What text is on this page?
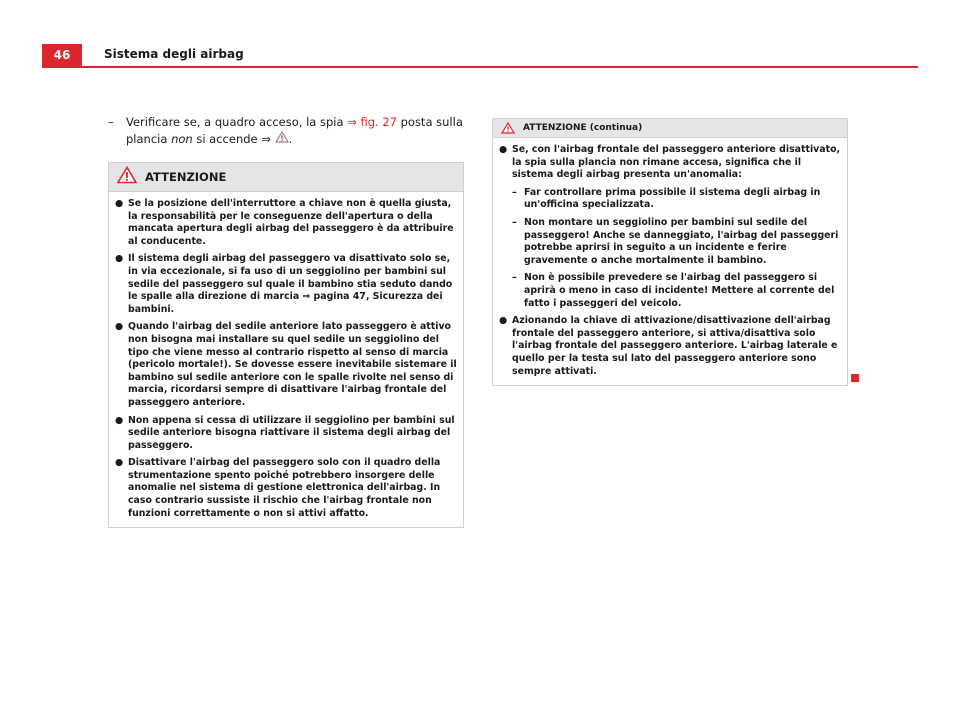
46	Sistema degli airbag
–	Verificare se, a quadro acceso, la spia ⇒ fig. 27 posta sulla plancia non si accende ⇒ .
ATTENZIONE
● Se la posizione dell'interruttore a chiave non è quella giusta, la responsabilità per le conseguenze dell'apertura o della mancata apertura degli airbag del passeggero è da attribuire al conducente.
● Il sistema degli airbag del passeggero va disattivato solo se, in via eccezionale, si fa uso di un seggiolino per bambini sul sedile del passeggero sul quale il bambino stia seduto dando le spalle alla direzione di marcia ⇒ pagina 47, Sicurezza dei bambini.
● Quando l'airbag del sedile anteriore lato passeggero è attivo non bisogna mai installare su quel sedile un seggiolino del tipo che viene messo al contrario rispetto al senso di marcia (pericolo mortale!). Se dovesse essere inevitabile sistemare il bambino sul sedile anteriore con le spalle rivolte nel senso di marcia, ricordarsi sempre di disattivare l'airbag frontale del passeggero anteriore.
● Non appena si cessa di utilizzare il seggiolino per bambini sul sedile anteriore bisogna riattivare il sistema degli airbag del passeggero.
● Disattivare l'airbag del passeggero solo con il quadro della strumentazione spento poiché potrebbero insorgere delle anomalie nel sistema di gestione elettronica dell'airbag. In caso contrario sussiste il rischio che l'airbag frontale non funzioni correttamente o non si attivi affatto.
ATTENZIONE (continua)
● Se, con l'airbag frontale del passeggero anteriore disattivato, la spia sulla plancia non rimane accesa, significa che il sistema degli airbag presenta un'anomalia:
– Far controllare prima possibile il sistema degli airbag in un'officina specializzata.
– Non montare un seggiolino per bambini sul sedile del passeggero! Anche se danneggiato, l'airbag del passeggeri potrebbe aprirsi in seguito a un incidente e ferire gravemente o anche mortalmente il bambino.
– Non è possibile prevedere se l'airbag del passeggero si aprirà o meno in caso di incidente! Mettere al corrente del fatto i passeggeri del veicolo.
● Azionando la chiave di attivazione/disattivazione dell'airbag frontale del passeggero anteriore, si attiva/disattiva solo l'airbag frontale del passeggero anteriore. L'airbag laterale e quello per la testa sul lato del passeggero anteriore sono sempre attivati.
